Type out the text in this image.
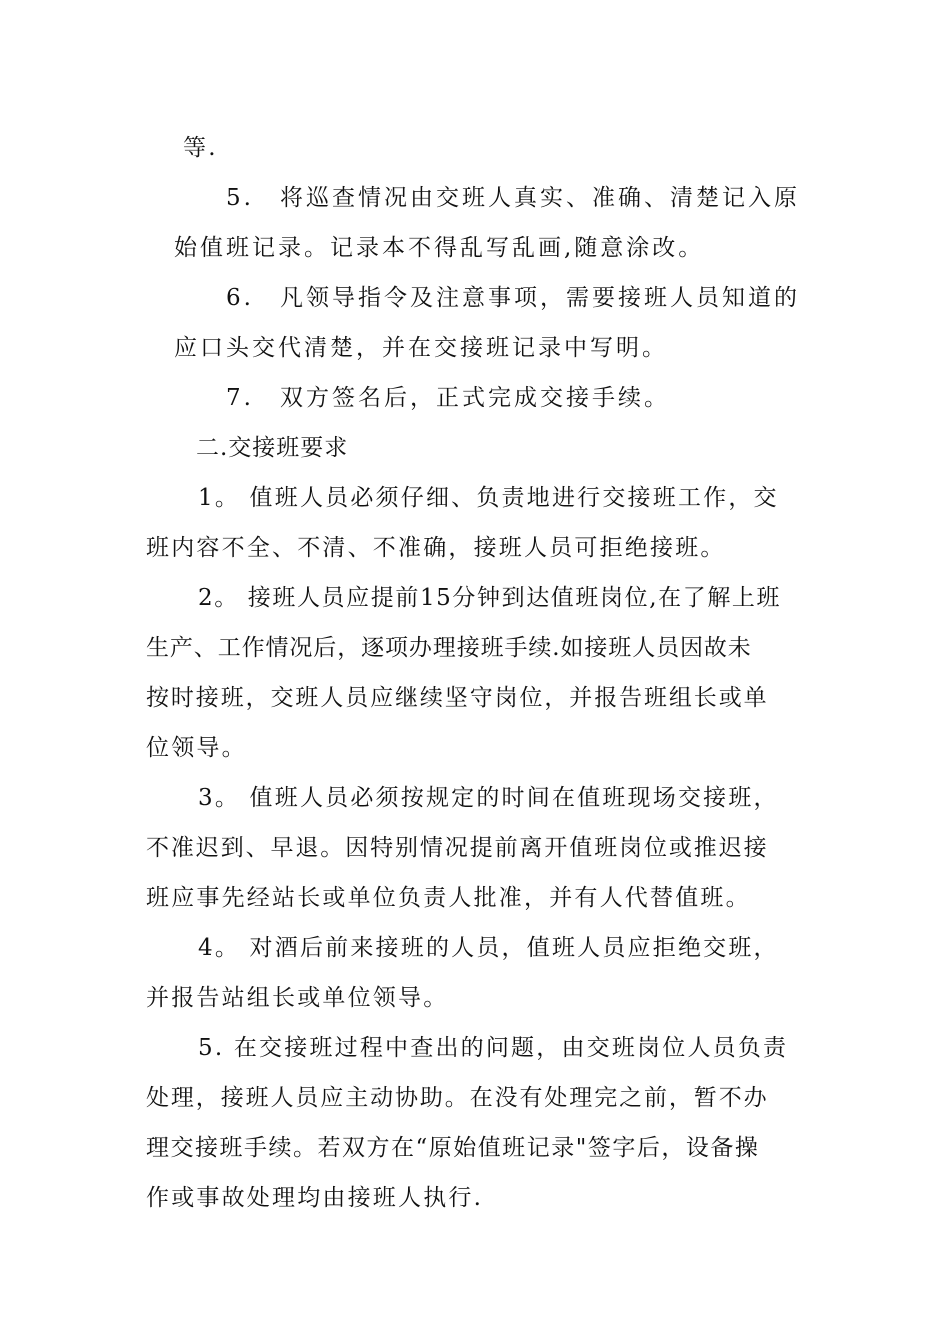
等.
5.　将巡查情况由交班人真实、准确、清楚记入原
始值班记录。记录本不得乱写乱画,随意涂改。
6.　凡领导指令及注意事项，需要接班人员知道的
应口头交代清楚，并在交接班记录中写明。
7.　双方签名后，正式完成交接手续。
二.交接班要求
1。 值班人员必须仔细、负责地进行交接班工作，交
班内容不全、不清、不准确，接班人员可拒绝接班。
2。 接班人员应提前15分钟到达值班岗位,在了解上班
生产、工作情况后，逐项办理接班手续.如接班人员因故未
按时接班，交班人员应继续坚守岗位，并报告班组长或单
位领导。
3。 值班人员必须按规定的时间在值班现场交接班，
不准迟到、早退。因特别情况提前离开值班岗位或推迟接
班应事先经站长或单位负责人批准，并有人代替值班。
4。 对酒后前来接班的人员，值班人员应拒绝交班，
并报告站组长或单位领导。
5. 在交接班过程中查出的问题，由交班岗位人员负责
处理，接班人员应主动协助。在没有处理完之前，暂不办
理交接班手续。若双方在“原始值班记录"签字后，设备操
作或事故处理均由接班人执行.
